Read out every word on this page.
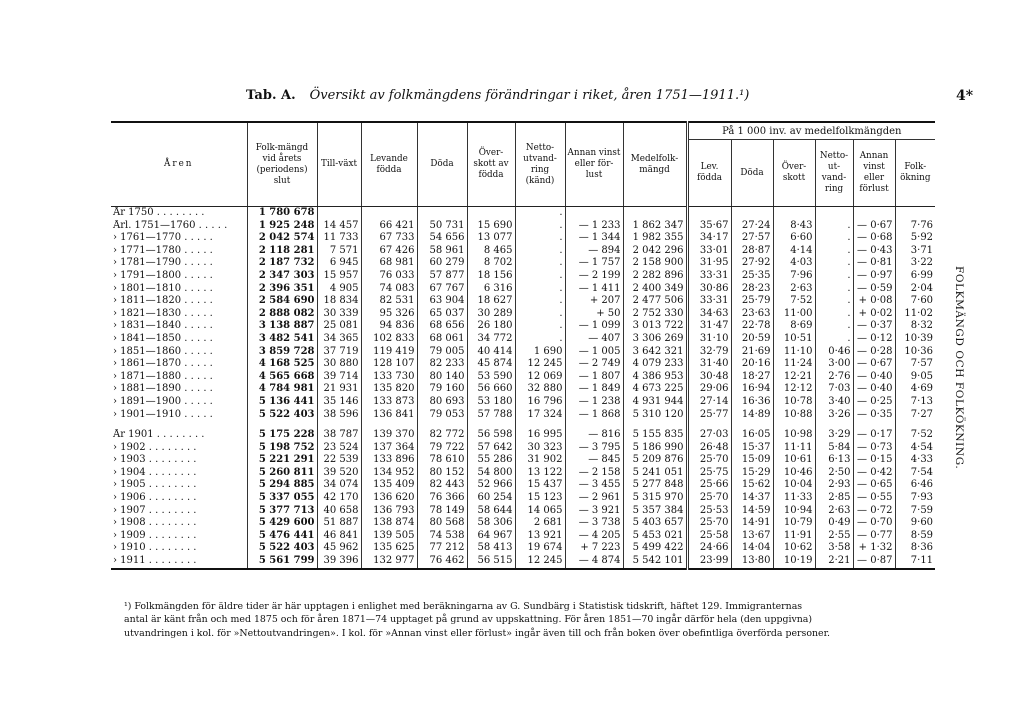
Tab. A. Översikt av folkmängdens förändringar i riket, åren 1751—1911.¹)	4*
FOLKMÄNGD OCH FOLKÖKNING.
Åren	Folk-mängd vid årets (periodens) slut	Till-växt	Levande födda	Döda	Över-skott av födda	Netto-utvand-ring (känd)	Annan vinst eller för-lust	Medelfolk-mängd	På 1 000 inv. av medelfolkmängden					
									Lev. födda	Döda	Över-skott	Netto-ut-vand-ring	Annan vinst eller förlust	Folk-ökning
År 1750 . . . . . . . .	1 780 678					.								
Årl. 1751—1760 . . . . .	1 925 248	14 457	66 421	50 731	15 690	.	— 1 233	1 862 347	35·67	27·24	8·43	.	— 0·67	7·76
› 1761—1770 . . . . .	2 042 574	11 733	67 733	54 656	13 077	.	— 1 344	1 982 355	34·17	27·57	6·60	.	— 0·68	5·92
› 1771—1780 . . . . .	2 118 281	7 571	67 426	58 961	8 465	.	— 894	2 042 296	33·01	28·87	4·14	.	— 0·43	3·71
› 1781—1790 . . . . .	2 187 732	6 945	68 981	60 279	8 702	.	— 1 757	2 158 900	31·95	27·92	4·03	.	— 0·81	3·22
› 1791—1800 . . . . .	2 347 303	15 957	76 033	57 877	18 156	.	— 2 199	2 282 896	33·31	25·35	7·96	.	— 0·97	6·99
› 1801—1810 . . . . .	2 396 351	4 905	74 083	67 767	6 316	.	— 1 411	2 400 349	30·86	28·23	2·63	.	— 0·59	2·04
› 1811—1820 . . . . .	2 584 690	18 834	82 531	63 904	18 627	.	+ 207	2 477 506	33·31	25·79	7·52	.	+ 0·08	7·60
› 1821—1830 . . . . .	2 888 082	30 339	95 326	65 037	30 289	.	+ 50	2 752 330	34·63	23·63	11·00	.	+ 0·02	11·02
› 1831—1840 . . . . .	3 138 887	25 081	94 836	68 656	26 180	.	— 1 099	3 013 722	31·47	22·78	8·69	.	— 0·37	8·32
› 1841—1850 . . . . .	3 482 541	34 365	102 833	68 061	34 772	.	— 407	3 306 269	31·10	20·59	10·51	.	— 0·12	10·39
› 1851—1860 . . . . .	3 859 728	37 719	119 419	79 005	40 414	1 690	— 1 005	3 642 321	32·79	21·69	11·10	0·46	— 0·28	10·36
› 1861—1870 . . . . .	4 168 525	30 880	128 107	82 233	45 874	12 245	— 2 749	4 079 233	31·40	20·16	11·24	3·00	— 0·67	7·57
› 1871—1880 . . . . .	4 565 668	39 714	133 730	80 140	53 590	12 069	— 1 807	4 386 953	30·48	18·27	12·21	2·76	— 0·40	9·05
› 1881—1890 . . . . .	4 784 981	21 931	135 820	79 160	56 660	32 880	— 1 849	4 673 225	29·06	16·94	12·12	7·03	— 0·40	4·69
› 1891—1900 . . . . .	5 136 441	35 146	133 873	80 693	53 180	16 796	— 1 238	4 931 944	27·14	16·36	10·78	3·40	— 0·25	7·13
› 1901—1910 . . . . .	5 522 403	38 596	136 841	79 053	57 788	17 324	— 1 868	5 310 120	25·77	14·89	10·88	3·26	— 0·35	7·27

År 1901 . . . . . . . .	5 175 228	38 787	139 370	82 772	56 598	16 995	— 816	5 155 835	27·03	16·05	10·98	3·29	— 0·17	7·52
› 1902 . . . . . . . .	5 198 752	23 524	137 364	79 722	57 642	30 323	— 3 795	5 186 990	26·48	15·37	11·11	5·84	— 0·73	4·54
› 1903 . . . . . . . .	5 221 291	22 539	133 896	78 610	55 286	31 902	— 845	5 209 876	25·70	15·09	10·61	6·13	— 0·15	4·33
› 1904 . . . . . . . .	5 260 811	39 520	134 952	80 152	54 800	13 122	— 2 158	5 241 051	25·75	15·29	10·46	2·50	— 0·42	7·54
› 1905 . . . . . . . .	5 294 885	34 074	135 409	82 443	52 966	15 437	— 3 455	5 277 848	25·66	15·62	10·04	2·93	— 0·65	6·46
› 1906 . . . . . . . .	5 337 055	42 170	136 620	76 366	60 254	15 123	— 2 961	5 315 970	25·70	14·37	11·33	2·85	— 0·55	7·93
› 1907 . . . . . . . .	5 377 713	40 658	136 793	78 149	58 644	14 065	— 3 921	5 357 384	25·53	14·59	10·94	2·63	— 0·72	7·59
› 1908 . . . . . . . .	5 429 600	51 887	138 874	80 568	58 306	2 681	— 3 738	5 403 657	25·70	14·91	10·79	0·49	— 0·70	9·60
› 1909 . . . . . . . .	5 476 441	46 841	139 505	74 538	64 967	13 921	— 4 205	5 453 021	25·58	13·67	11·91	2·55	— 0·77	8·59
› 1910 . . . . . . . .	5 522 403	45 962	135 625	77 212	58 413	19 674	+ 7 223	5 499 422	24·66	14·04	10·62	3·58	+ 1·32	8·36
› 1911 . . . . . . . .	5 561 799	39 396	132 977	76 462	56 515	12 245	— 4 874	5 542 101	23·99	13·80	10·19	2·21	— 0·87	7·11
¹) Folkmängden för äldre tider är här upptagen i enlighet med beräkningarna av G. Sundbärg i Statistisk tidskrift, häftet 129. Immigranternas
antal är känt från och med 1875 och för åren 1871—74 upptaget på grund av uppskattning. För åren 1851—70 ingår därför hela (den uppgivna)
utvandringen i kol. för »Nettoutvandringen». I kol. för »Annan vinst eller förlust» ingår även till och från boken över obefintliga överförda personer.
